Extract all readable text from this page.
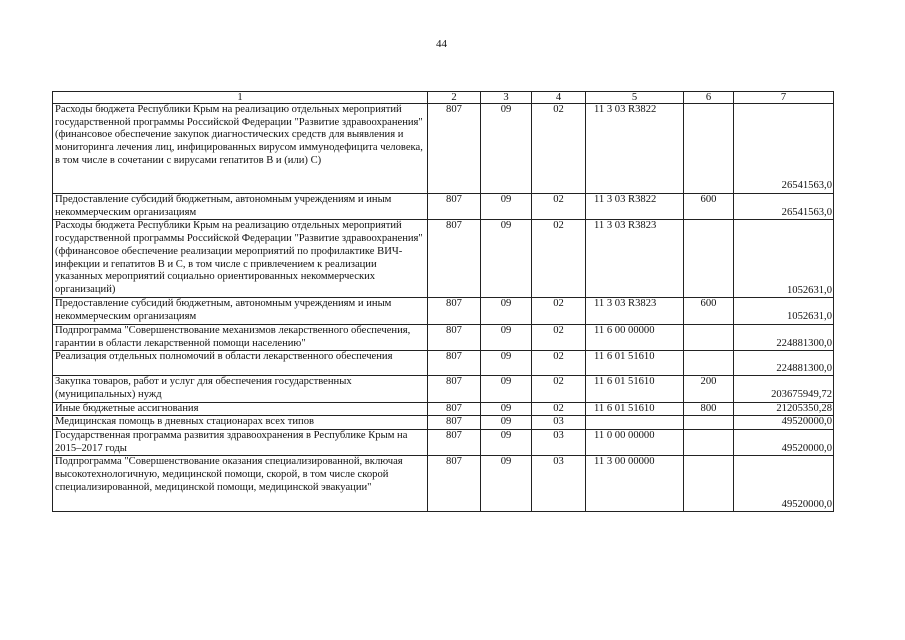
44
1	2	3	4	5	6	7
Расходы бюджета Республики Крым на реализацию отдельных мероприятий государственной программы Российской Федерации "Развитие здравоохранения" (финансовое обеспечение закупок диагностических средств для выявления и мониторинга лечения лиц, инфицированных вирусом иммунодефицита человека, в том числе в сочетании с вирусами гепатитов В и (или) С)	807	09	02	11 3 03 R3822		26541563,0
Предоставление субсидий бюджетным, автономным учреждениям и иным некоммерческим организациям	807	09	02	11 3 03 R3822	600	26541563,0
Расходы бюджета Республики Крым на реализацию отдельных мероприятий государственной программы Российской Федерации "Развитие здравоохранения" (ффинансовое обеспечение реализации мероприятий по профилактике ВИЧ-инфекции и гепатитов В и С, в том числе с привлечением к реализации указанных мероприятий социально ориентированных некоммерческих организаций)	807	09	02	11 3 03 R3823		1052631,0
Предоставление субсидий бюджетным, автономным учреждениям и иным некоммерческим организациям	807	09	02	11 3 03 R3823	600	1052631,0
Подпрограмма "Совершенствование механизмов лекарственного обеспечения, гарантии в области лекарственной помощи населению"	807	09	02	11 6 00 00000		224881300,0
Реализация отдельных полномочий в области лекарственного обеспечения	807	09	02	11 6 01 51610		224881300,0
Закупка товаров, работ и услуг для обеспечения государственных (муниципальных) нужд	807	09	02	11 6 01 51610	200	203675949,72
Иные бюджетные ассигнования	807	09	02	11 6 01 51610	800	21205350,28
Медицинская помощь в дневных стационарах всех типов	807	09	03			49520000,0
Государственная программа развития здравоохранения в Республике Крым на 2015–2017 годы	807	09	03	11 0 00 00000		49520000,0
Подпрограмма "Совершенствование оказания специализированной, включая высокотехнологичную, медицинской помощи, скорой, в том числе скорой специализированной, медицинской помощи, медицинской эвакуации"	807	09	03	11 3 00 00000		49520000,0
